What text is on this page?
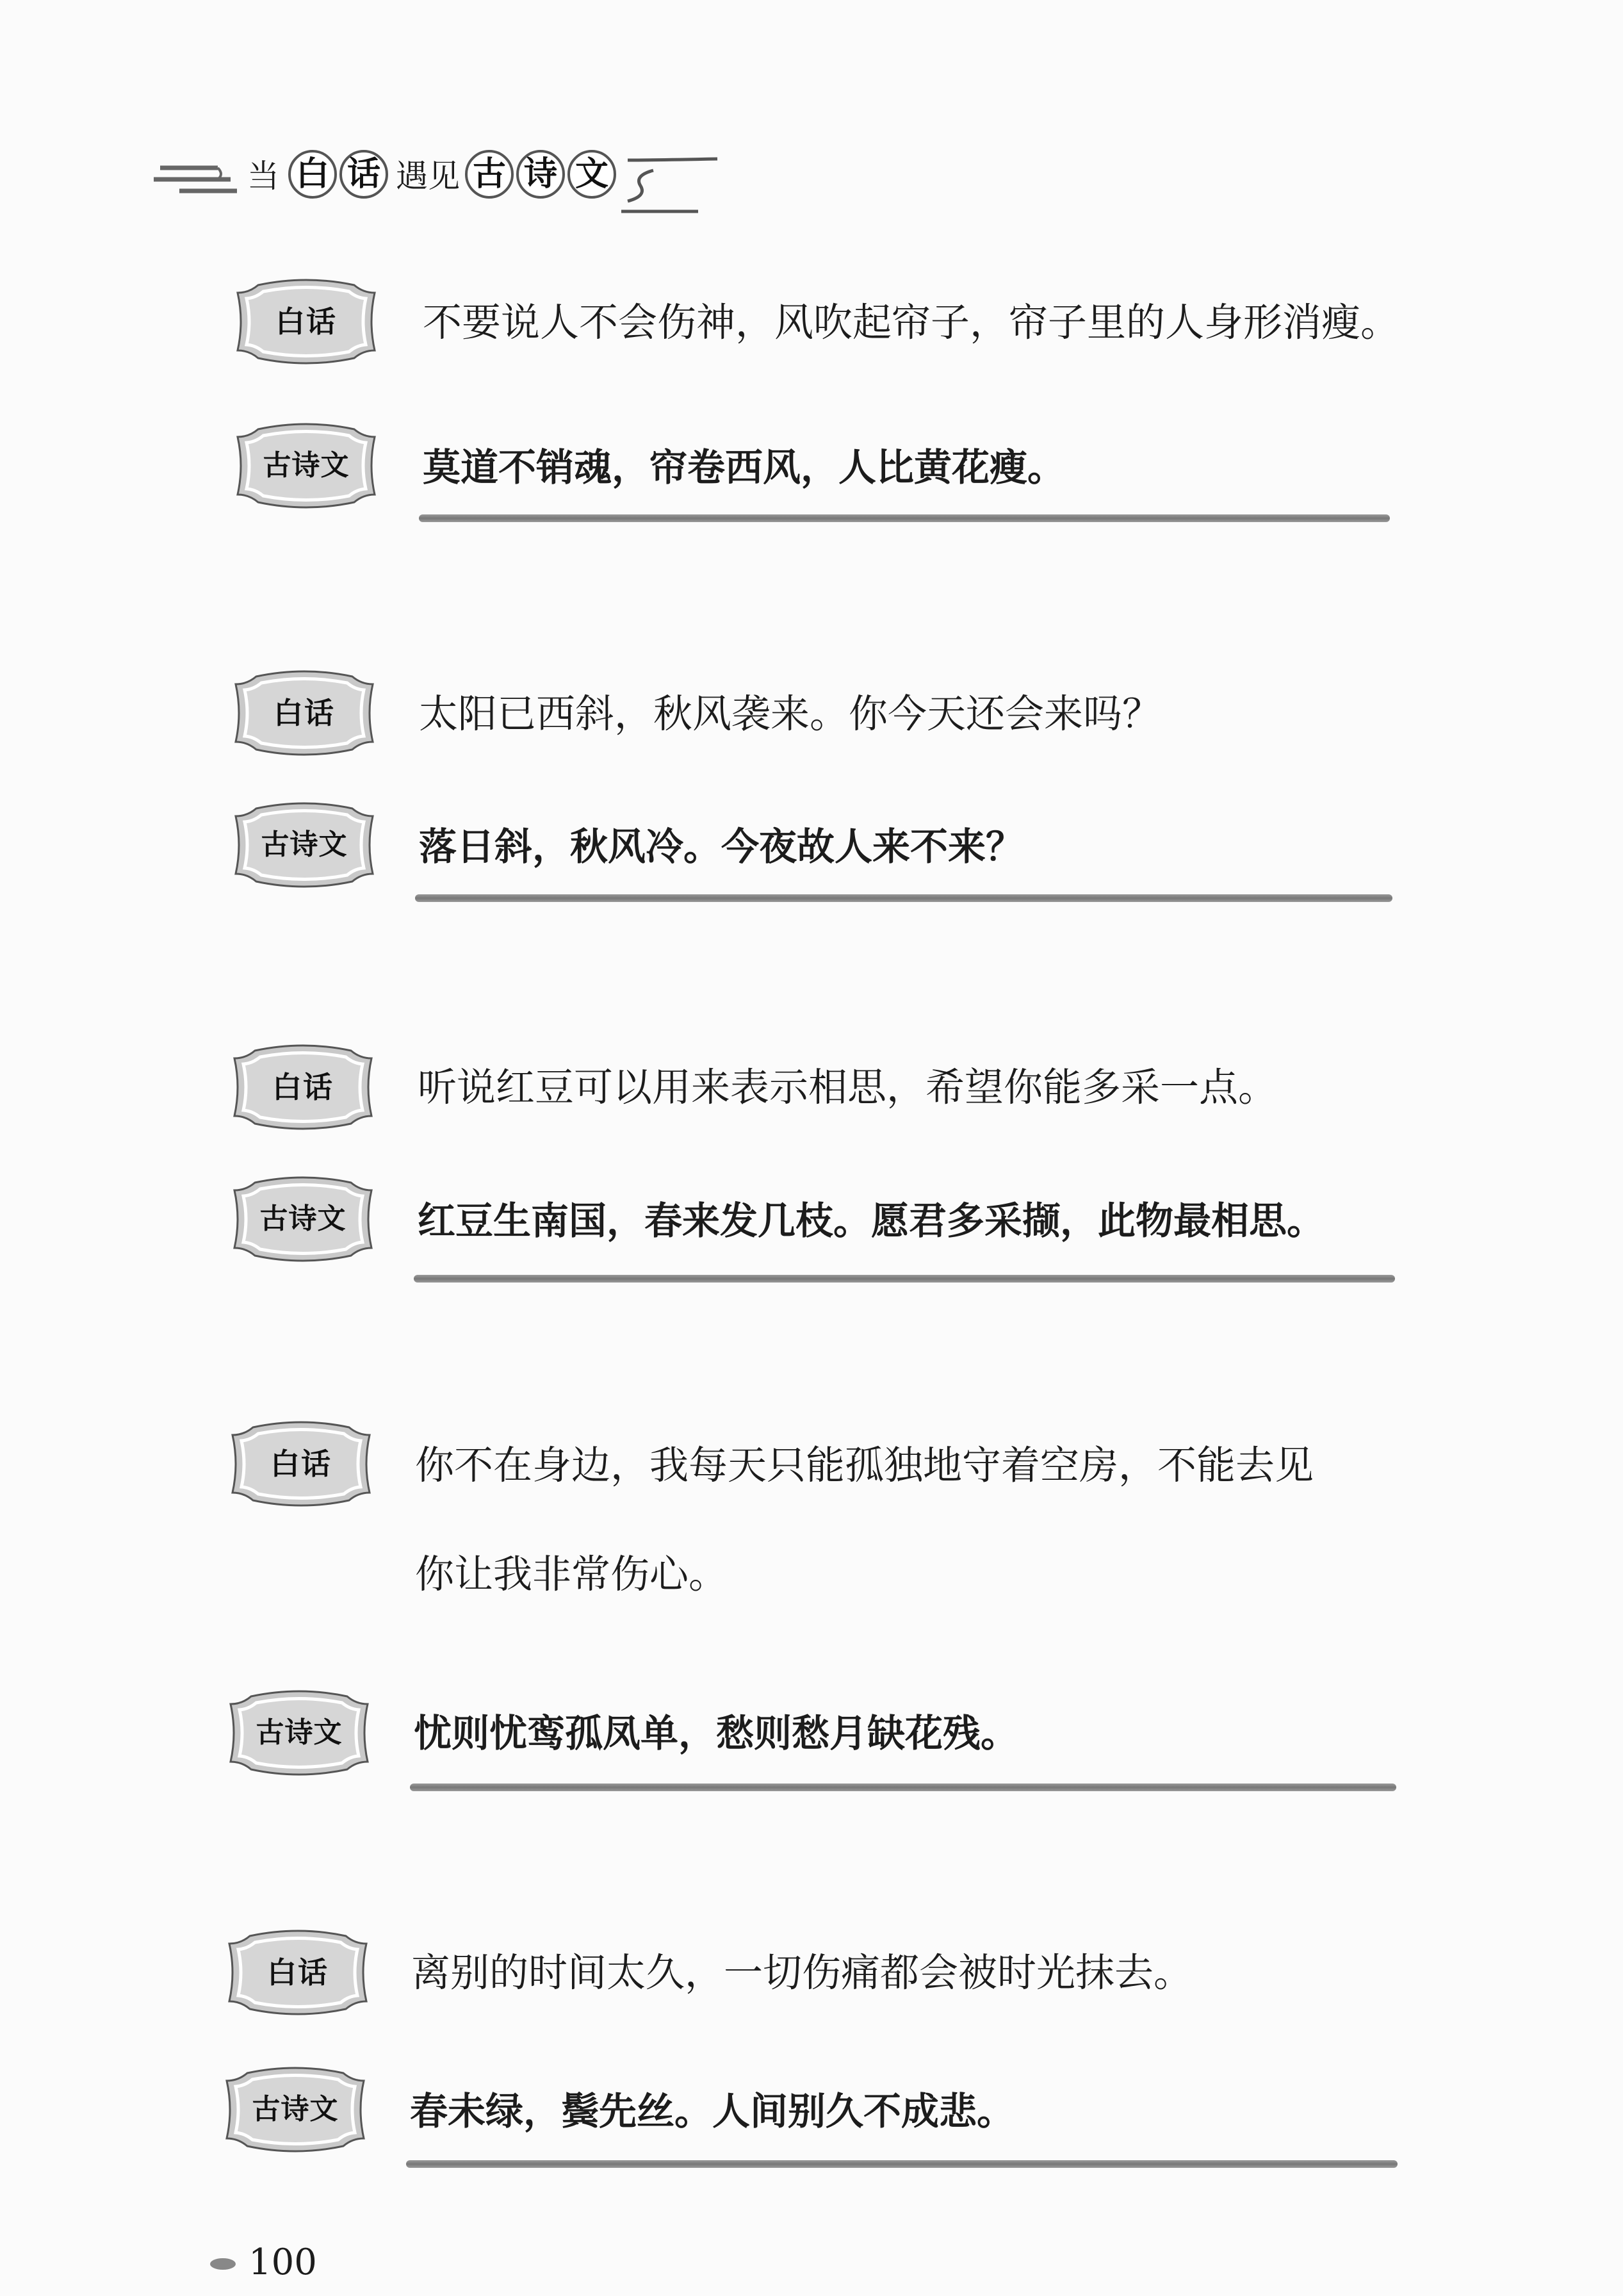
当 白 话 遇见 古 诗 文
白话	不要说人不会伤神，风吹起帘子，帘子里的人身形消瘦。
古诗文	莫道不销魂，帘卷西风，人比黄花瘦。
白话	太阳已西斜，秋风袭来。你今天还会来吗？
古诗文	落日斜，秋风冷。今夜故人来不来？
白话	听说红豆可以用来表示相思，希望你能多采一点。
古诗文	红豆生南国，春来发几枝。愿君多采撷，此物最相思。
白话	你不在身边，我每天只能孤独地守着空房，不能去见
你让我非常伤心。
古诗文	忧则忧鸾孤凤单，愁则愁月缺花残。
白话	离别的时间太久，一切伤痛都会被时光抹去。
古诗文	春未绿，鬓先丝。人间别久不成悲。
100
